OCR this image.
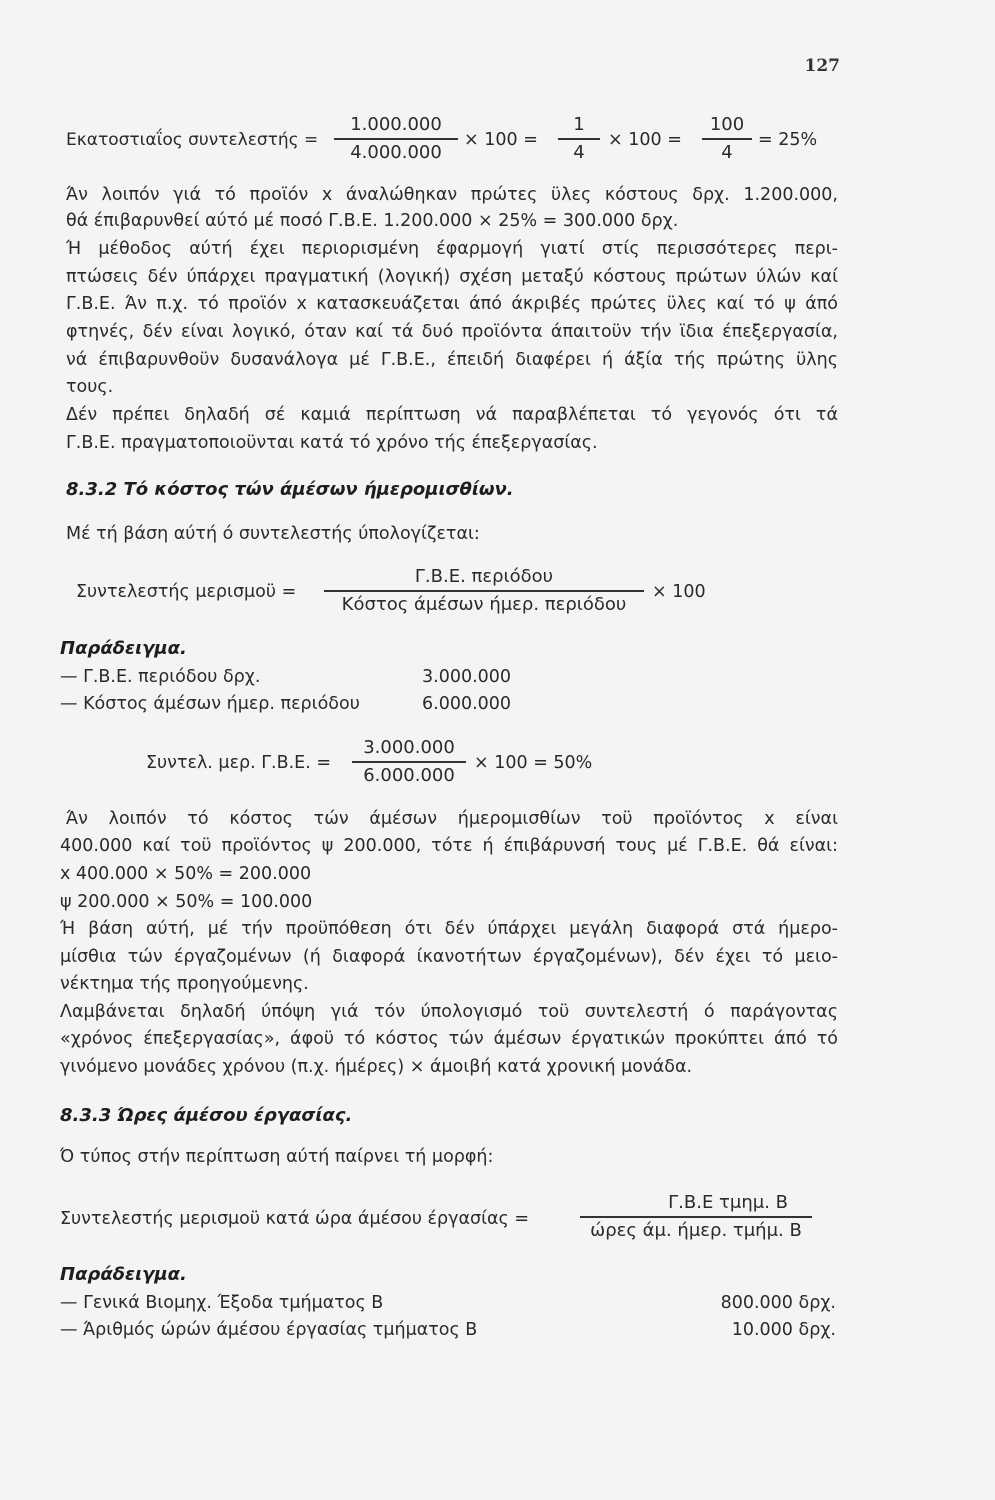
127
Εκατοστιαΐος συντελεστής =
1.000.000
4.000.000
× 100 =
1
4
× 100 =
100
4
= 25%
Άν λοιπόν γιά τό προϊόν x άναλώθηκαν πρώτες ϋλες κόστους δρχ. 1.200.000,
θά έπιβαρυνθεί αύτό μέ ποσό Γ.Β.Ε. 1.200.000 × 25% = 300.000 δρχ.
Ή μέθοδος αύτή έχει περιορισμένη έφαρμογή γιατί στίς περισσότερες περι-
πτώσεις δέν ύπάρχει πραγματική (λογική) σχέση μεταξύ κόστους πρώτων ύλών καί
Γ.Β.Ε. Άν π.χ. τό προϊόν x κατασκευάζεται άπό άκριβές πρώτες ϋλες καί τό ψ άπό
φτηνές, δέν είναι λογικό, όταν καί τά δυό προϊόντα άπαιτοϋν τήν ϊδια έπεξεργασία,
νά έπιβαρυνθοϋν δυσανάλογα μέ Γ.Β.Ε., έπειδή διαφέρει ή άξία τής πρώτης ϋλης
τους.
Δέν πρέπει δηλαδή σέ καμιά περίπτωση νά παραβλέπεται τό γεγονός ότι τά
Γ.Β.Ε. πραγματοποιοϋνται κατά τό χρόνο τής έπεξεργασίας.
8.3.2 Τό κόστος τών άμέσων ήμερομισθίων.
Μέ τή βάση αύτή ό συντελεστής ύπολογίζεται:
Συντελεστής μερισμοϋ =
Γ.Β.Ε. περιόδου
Κόστος άμέσων ήμερ. περιόδου
× 100
Παράδειγμα.
— Γ.Β.Ε. περιόδου δρχ.	3.000.000
— Κόστος άμέσων ήμερ. περιόδου	6.000.000
Συντελ. μερ. Γ.Β.Ε. =
3.000.000
6.000.000
× 100 = 50%
Άν λοιπόν τό κόστος τών άμέσων ήμερομισθίων τοϋ προϊόντος x είναι
400.000 καί τοϋ προϊόντος ψ 200.000, τότε ή έπιβάρυνσή τους μέ Γ.Β.Ε. θά είναι:
x 400.000 × 50% = 200.000
ψ 200.000 × 50% = 100.000
Ή βάση αύτή, μέ τήν προϋπόθεση ότι δέν ύπάρχει μεγάλη διαφορά στά ήμερο-
μίσθια τών έργαζομένων (ή διαφορά ίκανοτήτων έργαζομένων), δέν έχει τό μειο-
νέκτημα τής προηγούμενης.
Λαμβάνεται δηλαδή ύπόψη γιά τόν ύπολογισμό τοϋ συντελεστή ό παράγοντας
«χρόνος έπεξεργασίας», άφοϋ τό κόστος τών άμέσων έργατικών προκύπτει άπό τό
γινόμενο μονάδες χρόνου (π.χ. ήμέρες) × άμοιβή κατά χρονική μονάδα.
8.3.3 Ώρες άμέσου έργασίας.
Ό τύπος στήν περίπτωση αύτή παίρνει τή μορφή:
Συντελεστής μερισμοϋ κατά ώρα άμέσου έργασίας =
Γ.Β.Ε τμημ. Β
ώρες άμ. ήμερ. τμήμ. Β
Παράδειγμα.
— Γενικά Βιομηχ. Έξοδα τμήματος Β	800.000 δρχ.
— Άριθμός ώρών άμέσου έργασίας τμήματος Β	10.000 δρχ.
